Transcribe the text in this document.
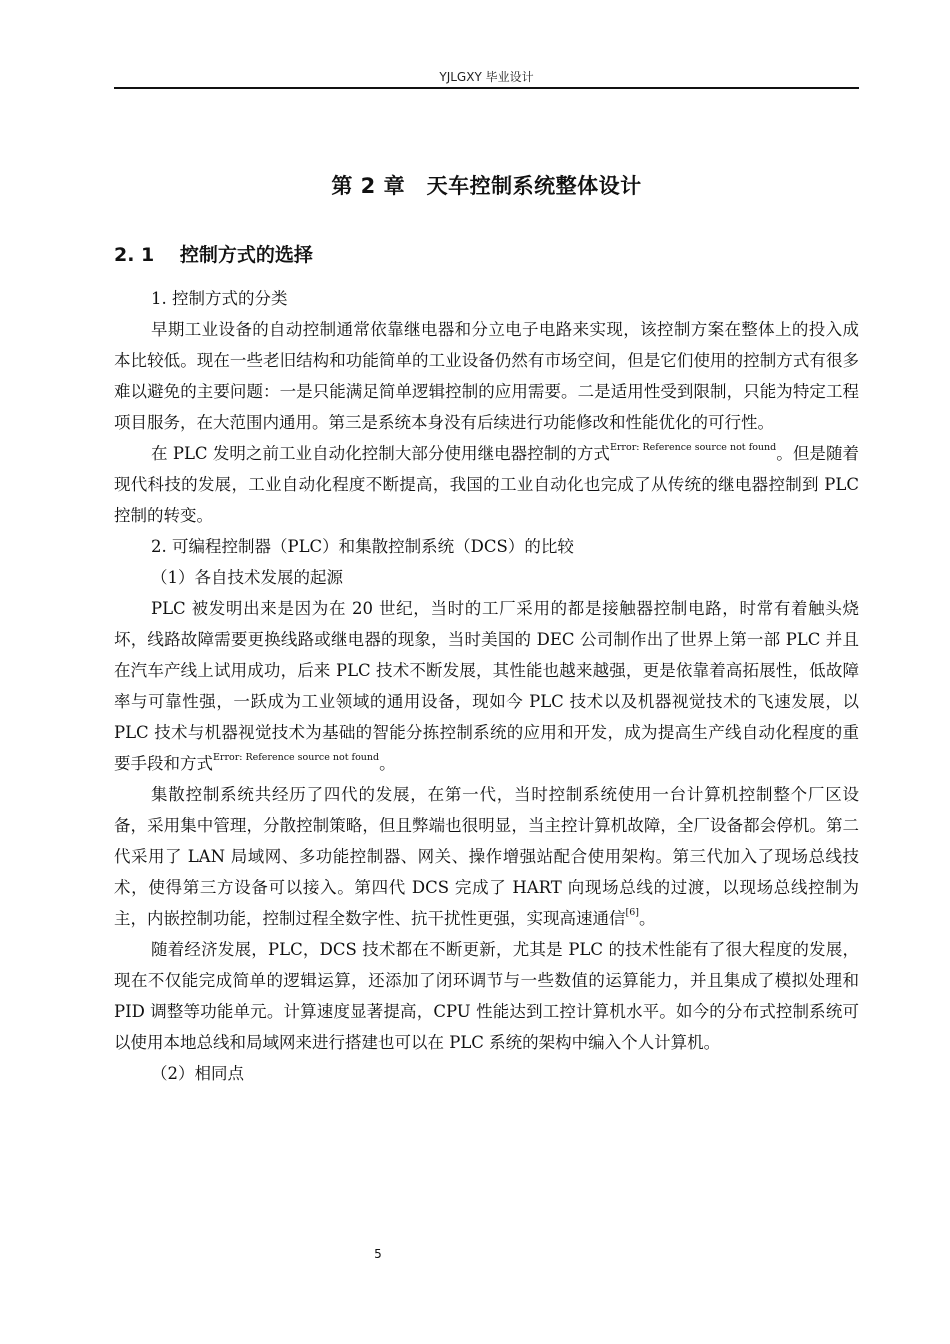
YJLGXY 毕业设计
第 2 章　天车控制系统整体设计
2. 1　 控制方式的选择

1. 控制方式的分类

早期工业设备的自动控制通常依靠继电器和分立电子电路来实现，该控制方案在整体上的投入成本比较低。现在一些老旧结构和功能简单的工业设备仍然有市场空间，但是它们使用的控制方式有很多难以避免的主要问题：一是只能满足简单逻辑控制的应用需要。二是适用性受到限制，只能为特定工程项目服务，在大范围内通用。第三是系统本身没有后续进行功能修改和性能优化的可行性。

在 PLC 发明之前工业自动化控制大部分使用继电器控制的方式$^{Error: Reference source not found}$。但是随着现代科技的发展，工业自动化程度不断提高，我国的工业自动化也完成了从传统的继电器控制到 PLC 控制的转变。

2. 可编程控制器（PLC）和集散控制系统（DCS）的比较

（1）各自技术发展的起源

PLC 被发明出来是因为在 20 世纪，当时的工厂采用的都是接触器控制电路，时常有着触头烧坏，线路故障需要更换线路或继电器的现象，当时美国的 DEC 公司制作出了世界上第一部 PLC 并且在汽车产线上试用成功，后来 PLC 技术不断发展，其性能也越来越强，更是依靠着高拓展性，低故障率与可靠性强，一跃成为工业领域的通用设备，现如今 PLC 技术以及机器视觉技术的飞速发展，以 PLC 技术与机器视觉技术为基础的智能分拣控制系统的应用和开发，成为提高生产线自动化程度的重要手段和方式$^{Error: Reference source not found}$。

集散控制系统共经历了四代的发展，在第一代，当时控制系统使用一台计算机控制整个厂区设备，采用集中管理，分散控制策略，但且弊端也很明显，当主控计算机故障，全厂设备都会停机。第二代采用了 LAN 局域网、多功能控制器、网关、操作增强站配合使用架构。第三代加入了现场总线技术，使得第三方设备可以接入。第四代 DCS 完成了 HART 向现场总线的过渡，以现场总线控制为主，内嵌控制功能，控制过程全数字性、抗干扰性更强，实现高速通信[6]。

随着经济发展，PLC，DCS 技术都在不断更新，尤其是 PLC 的技术性能有了很大程度的发展，现在不仅能完成简单的逻辑运算，还添加了闭环调节与一些数值的运算能力，并且集成了模拟处理和 PID 调整等功能单元。计算速度显著提高，CPU 性能达到工控计算机水平。如今的分布式控制系统可以使用本地总线和局域网来进行搭建也可以在 PLC 系统的架构中编入个人计算机。

（2）相同点

5
